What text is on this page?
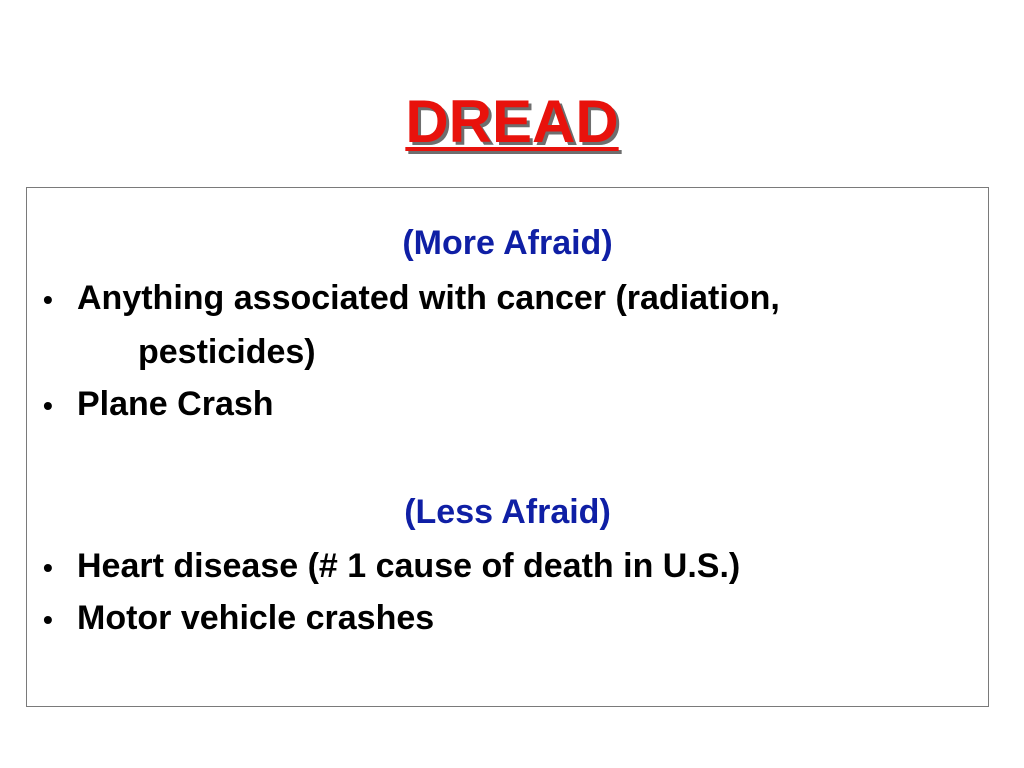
DREAD
(More Afraid)
• Anything associated with cancer (radiation,
pesticides)
• Plane Crash
(Less Afraid)
• Heart disease (# 1 cause of death in U.S.)
• Motor vehicle crashes
